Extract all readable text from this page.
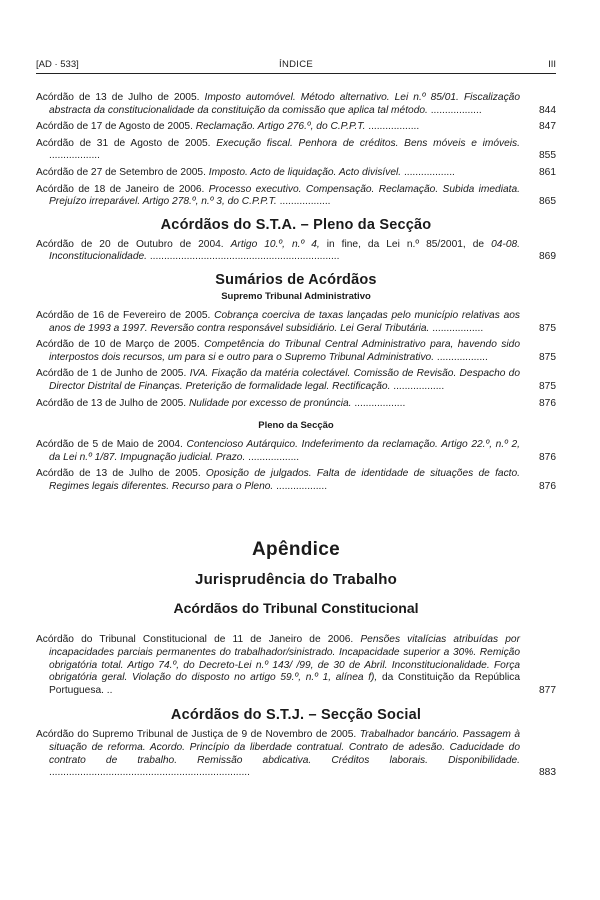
[AD · 533]	ÍNDICE	III
Acórdão de 13 de Julho de 2005. Imposto automóvel. Método alternativo. Lei n.º 85/01. Fiscalização abstracta da constitucionalidade da constituição da comissão que aplica tal método. ..................	844
Acórdão de 17 de Agosto de 2005. Reclamação. Artigo 276.º, do C.P.P.T. ..................	847
Acórdão de 31 de Agosto de 2005. Execução fiscal. Penhora de créditos. Bens móveis e imóveis. ..................	855
Acórdão de 27 de Setembro de 2005. Imposto. Acto de liquidação. Acto divisível. ..................	861
Acórdão de 18 de Janeiro de 2006. Processo executivo. Compensação. Reclamação. Subida imediata. Prejuízo irreparável. Artigo 278.º, n.º 3, do C.P.P.T. ..................	865
Acórdãos do S.T.A. – Pleno da Secção
Acórdão de 20 de Outubro de 2004. Artigo 10.º, n.º 4, in fine, da Lei n.º 85/2001, de 04-08. Inconstitucionalidade. ...................................................................	869
Sumários de Acórdãos
Supremo Tribunal Administrativo
Acórdão de 16 de Fevereiro de 2005. Cobrança coerciva de taxas lançadas pelo município relativas aos anos de 1993 a 1997. Reversão contra responsável subsidiário. Lei Geral Tributária. ..................	875
Acórdão de 10 de Março de 2005. Competência do Tribunal Central Administrativo para, havendo sido interpostos dois recursos, um para si e outro para o Supremo Tribunal Administrativo. ..................	875
Acórdão de 1 de Junho de 2005. IVA. Fixação da matéria colectável. Comissão de Revisão. Despacho do Director Distrital de Finanças. Preterição de formalidade legal. Rectificação. ..................	875
Acórdão de 13 de Julho de 2005. Nulidade por excesso de pronúncia. ..................	876
Pleno da Secção
Acórdão de 5 de Maio de 2004. Contencioso Autárquico. Indeferimento da reclamação. Artigo 22.º, n.º 2, da Lei n.º 1/87. Impugnação judicial. Prazo. ..................	876
Acórdão de 13 de Julho de 2005. Oposição de julgados. Falta de identidade de situações de facto. Regimes legais diferentes. Recurso para o Pleno. ..................	876
Apêndice
Jurisprudência do Trabalho
Acórdãos do Tribunal Constitucional
Acórdão do Tribunal Constitucional de 11 de Janeiro de 2006. Pensões vitalícias atribuídas por incapacidades parciais permanentes do trabalhador/sinistrado. Incapacidade superior a 30%. Remição obrigatória total. Artigo 74.º, do Decreto-Lei n.º 143/ /99, de 30 de Abril. Inconstitucionalidade. Força obrigatória geral. Violação do disposto no artigo 59.º, n.º 1, alínea f), da Constituição da República Portuguesa. ..	877
Acórdãos do S.T.J. – Secção Social
Acórdão do Supremo Tribunal de Justiça de 9 de Novembro de 2005. Trabalhador bancário. Passagem à situação de reforma. Acordo. Princípio da liberdade contratual. Contrato de adesão. Caducidade do contrato de trabalho. Remissão abdicativa. Créditos laborais. Disponibilidade. .......................................................................	883
